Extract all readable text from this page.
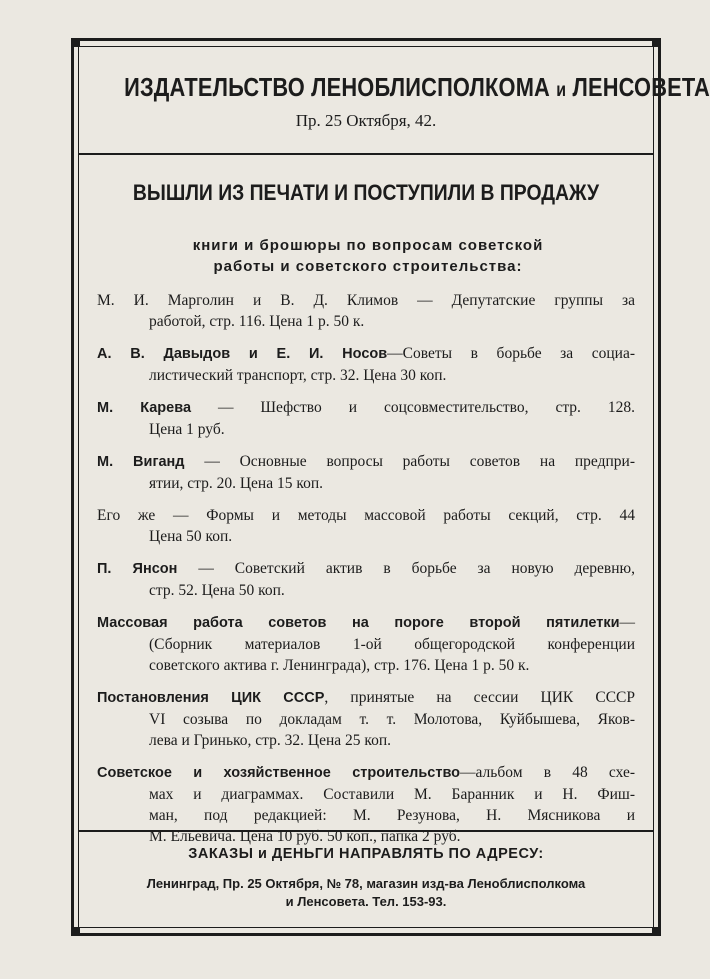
ИЗДАТЕЛЬСТВО ЛЕНОБЛИСПОЛКОМА и ЛЕНСОВЕТА
Пр. 25 Октября, 42.
ВЫШЛИ ИЗ ПЕЧАТИ И ПОСТУПИЛИ В ПРОДАЖУ
книги и брошюры по вопросам советской
работы и советского строительства:
М. И. Марголин и В. Д. Климов — Депутатские группы за
работой, стр. 116. Цена 1 р. 50 к.
А. В. Давыдов и Е. И. Носов—Советы в борьбе за социа-
листический транспорт, стр. 32. Цена 30 коп.
М. Карева — Шефство и соцсовместительство, стр. 128.
Цена 1 руб.
М. Виганд — Основные вопросы работы советов на предпри-
ятии, стр. 20. Цена 15 коп.
Его же — Формы и методы массовой работы секций, стр. 44
Цена 50 коп.
П. Янсон — Советский актив в борьбе за новую деревню,
стр. 52. Цена 50 коп.
Массовая работа советов на пороге второй пятилетки—
(Сборник материалов 1-ой общегородской конференции
советского актива г. Ленинграда), стр. 176. Цена 1 р. 50 к.
Постановления ЦИК СССР, принятые на сессии ЦИК СССР
VI созыва по докладам т. т. Молотова, Куйбышева, Яков-
лева и Гринько, стр. 32. Цена 25 коп.
Советское и хозяйственное строительство—альбом в 48 схе-
мах и диаграммах. Составили М. Баранник и Н. Фиш-
ман, под редакцией: М. Резунова, Н. Мясникова и
М. Ельевича. Цена 10 руб. 50 коп., папка 2 руб.
ЗАКАЗЫ и ДЕНЬГИ НАПРАВЛЯТЬ ПО АДРЕСУ:
Ленинград, Пр. 25 Октября, № 78, магазин изд-ва Леноблисполкома
и Ленсовета. Тел. 153-93.
